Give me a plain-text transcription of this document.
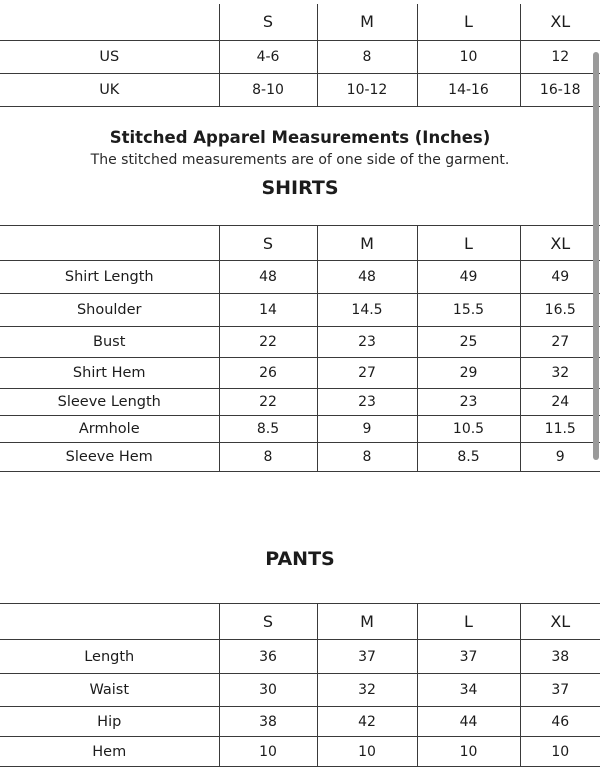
	S	M	L	XL
US	4-6	8	10	12
UK	8-10	10-12	14-16	16-18
Stitched Apparel Measurements (Inches)
The stitched measurements are of one side of the garment.
SHIRTS
	S	M	L	XL
Shirt Length	48	48	49	49
Shoulder	14	14.5	15.5	16.5
Bust	22	23	25	27
Shirt Hem	26	27	29	32
Sleeve Length	22	23	23	24
Armhole	8.5	9	10.5	11.5
Sleeve Hem	8	8	8.5	9
PANTS
	S	M	L	XL
Length	36	37	37	38
Waist	30	32	34	37
Hip	38	42	44	46
Hem	10	10	10	10
